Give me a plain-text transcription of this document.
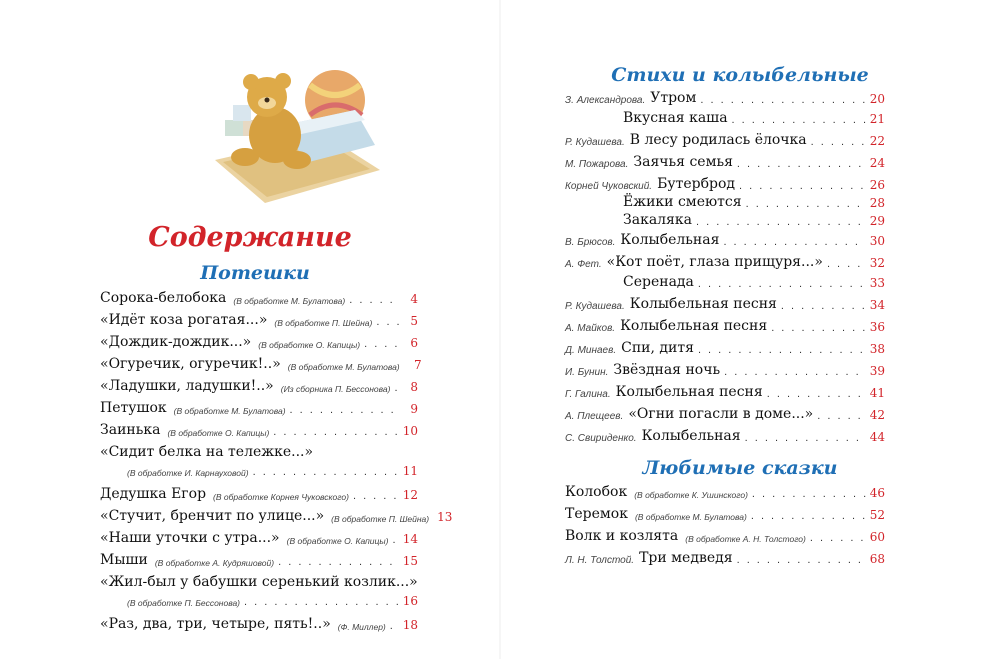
Содержание
Потешки
Сорока-белобока (В обработке М. Булатова) . . .	4
«Идёт коза рогатая...» (В обработке П. Шейна) . . .	5
«Дождик-дождик...» (В обработке О. Капицы) . . .	6
«Огуречик, огуречик!..» (В обработке М. Булатова)	7
«Ладушки, ладушки!..» (Из сборника П. Бессонова) . . .	8
Петушок (В обработке М. Булатова) . . .	9
Заинька (В обработке О. Капицы) . . .	10
«Сидит белка на тележке...»
(В обработке И. Карнауховой) . . .	11
Дедушка Егор (В обработке Корнея Чуковского) . . .	12
«Стучит, бренчит по улице...» (В обработке П. Шейна) 13
«Наши уточки с утра...» (В обработке О. Капицы) . . . 14
Мыши (В обработке А. Кудряшовой) . . .	15
«Жил-был у бабушки серенький козлик...»
(В обработке П. Бессонова) . . .	16
«Раз, два, три, четыре, пять!..» (Ф. Миллер) . . . 18
Стихи и колыбельные
З. Александрова. Утром . . .	20
Вкусная каша . . .	21
Р. Кудашева. В лесу родилась ёлочка . . .	22
М. Пожарова. Заячья семья . . .	24
Корней Чуковский. Бутерброд . . .	26
Ёжики смеются . . .	28
Закаляка . . .	29
В. Брюсов. Колыбельная . . .	30
А. Фет. «Кот поёт, глаза прищуря...» . . .	32
Серенада . . .	33
Р. Кудашева. Колыбельная песня . . .	34
А. Майков. Колыбельная песня . . .	36
Д. Минаев. Спи, дитя . . .	38
И. Бунин. Звёздная ночь . . .	39
Г. Галина. Колыбельная песня . . .	41
А. Плещеев. «Огни погасли в доме...» . . .	42
С. Свириденко. Колыбельная . . .	44
Любимые сказки
Колобок (В обработке К. Ушинского) . . .	46
Теремок (В обработке М. Булатова) . . .	52
Волк и козлята (В обработке А. Н. Толстого) . . .	60
Л. Н. Толстой. Три медведя . . .	68
